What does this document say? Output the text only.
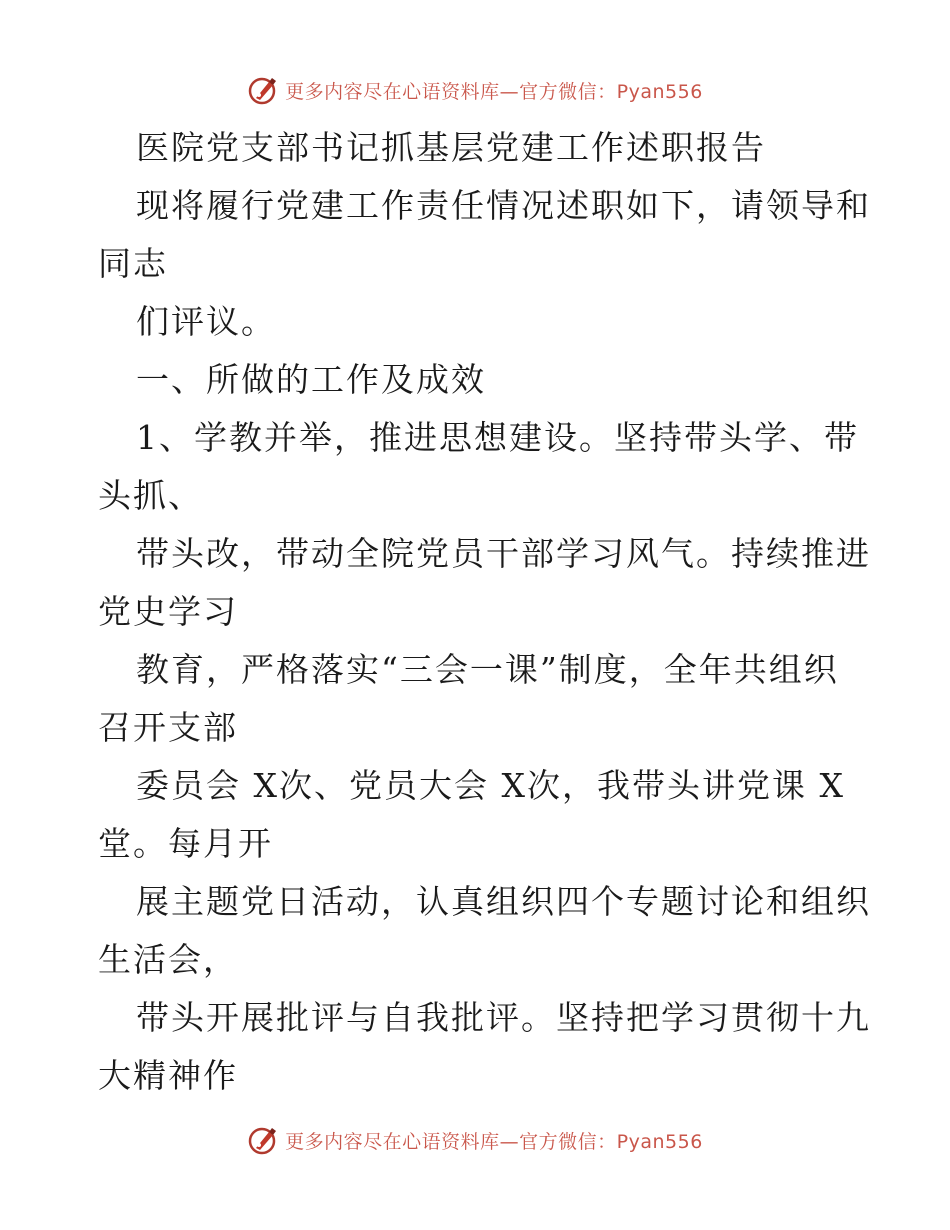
更多内容尽在心语资料库—官方微信：Pyan556
医院党支部书记抓基层党建工作述职报告
现将履行党建工作责任情况述职如下，请领导和
同志
们评议。
一、所做的工作及成效
1、学教并举，推进思想建设。坚持带头学、带
头抓、
带头改，带动全院党员干部学习风气。持续推进
党史学习
教育，严格落实“三会一课”制度，全年共组织
召开支部
委员会 X次、党员大会 X次，我带头讲党课 X
堂。每月开
展主题党日活动，认真组织四个专题讨论和组织
生活会，
带头开展批评与自我批评。坚持把学习贯彻十九
大精神作
更多内容尽在心语资料库—官方微信：Pyan556
